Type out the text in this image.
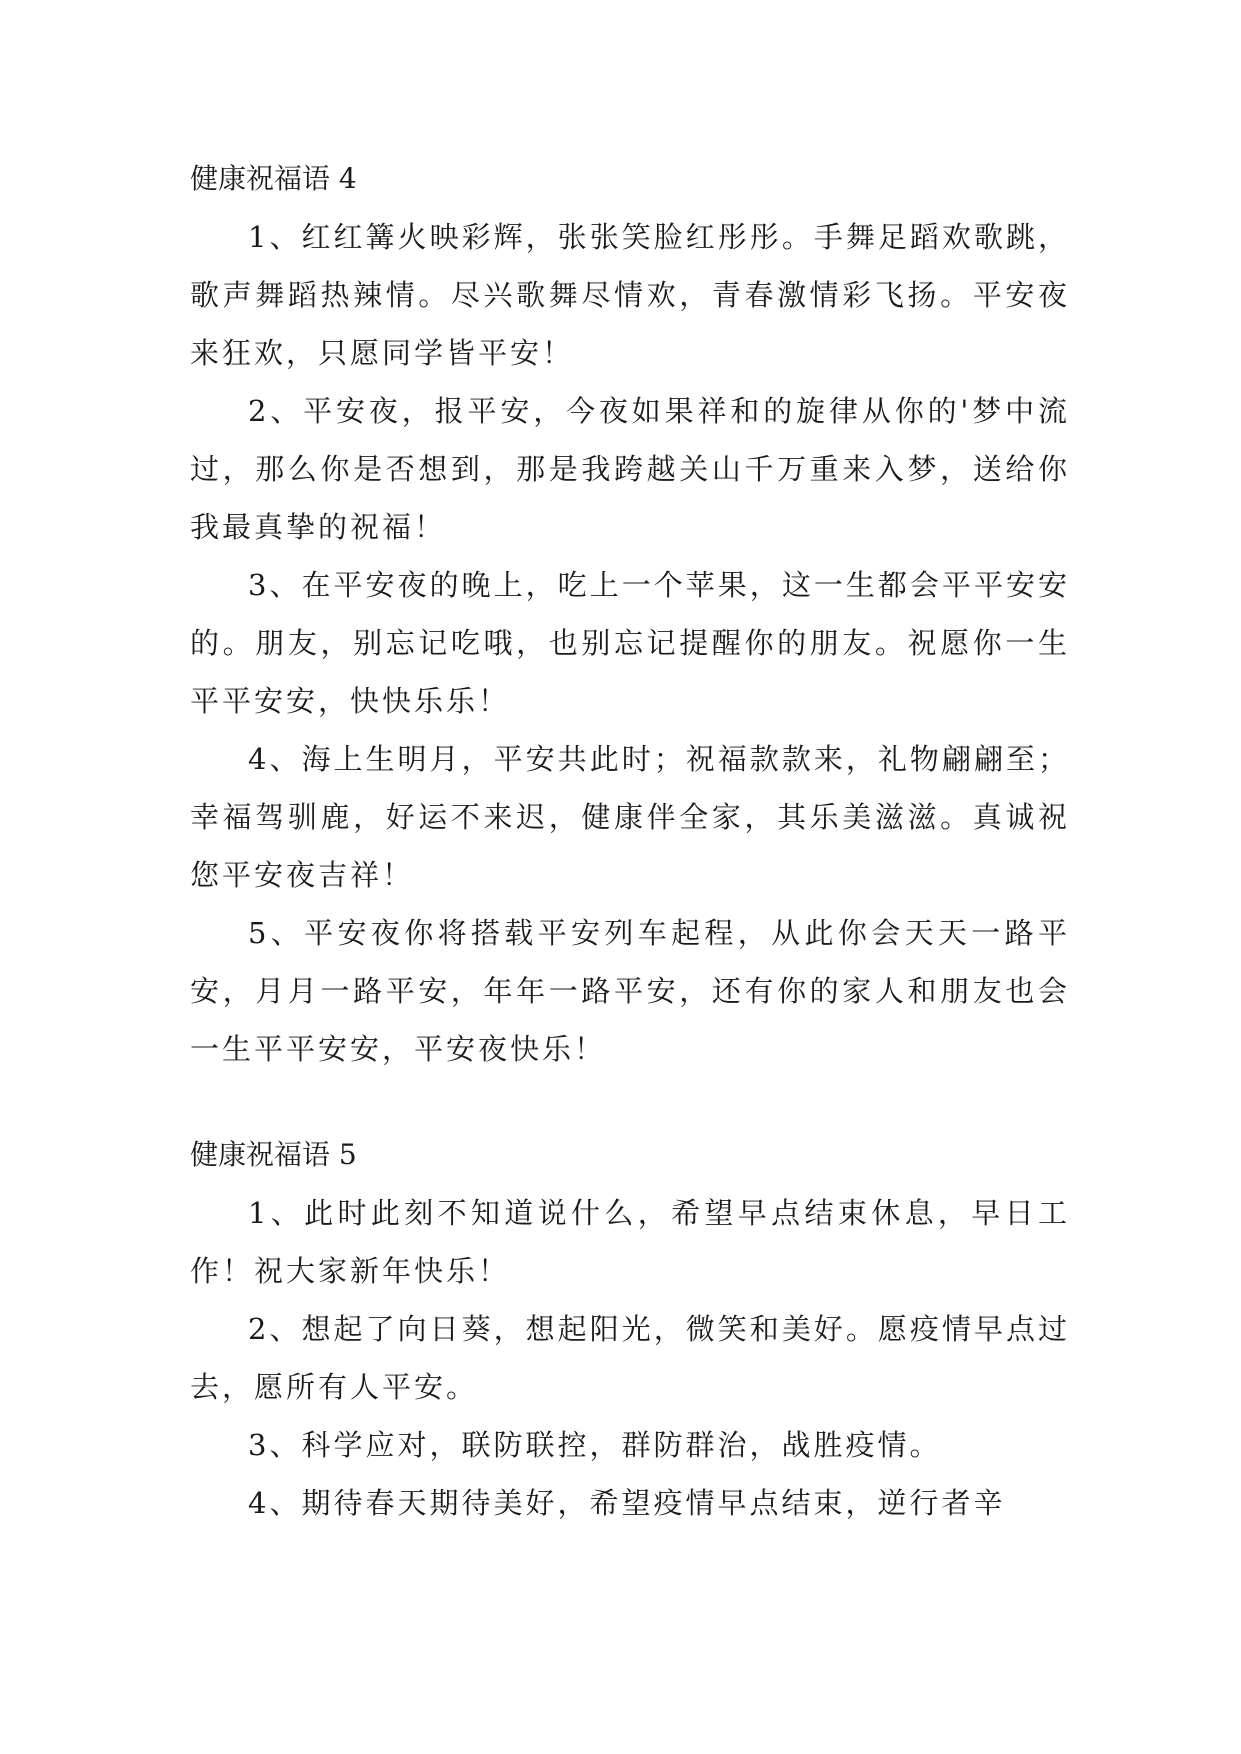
健康祝福语 4

1、红红篝火映彩辉，张张笑脸红彤彤。手舞足蹈欢歌跳，歌声舞蹈热辣情。尽兴歌舞尽情欢，青春激情彩飞扬。平安夜来狂欢，只愿同学皆平安！

2、平安夜，报平安，今夜如果祥和的旋律从你的'梦中流过，那么你是否想到，那是我跨越关山千万重来入梦，送给你我最真挚的祝福！

3、在平安夜的晚上，吃上一个苹果，这一生都会平平安安的。朋友，别忘记吃哦，也别忘记提醒你的朋友。祝愿你一生平平安安，快快乐乐！

4、海上生明月，平安共此时；祝福款款来，礼物翩翩至；幸福驾驯鹿，好运不来迟，健康伴全家，其乐美滋滋。真诚祝您平安夜吉祥！

5、平安夜你将搭载平安列车起程，从此你会天天一路平安，月月一路平安，年年一路平安，还有你的家人和朋友也会一生平平安安，平安夜快乐！

健康祝福语 5

1、此时此刻不知道说什么，希望早点结束休息，早日工作！祝大家新年快乐！

2、想起了向日葵，想起阳光，微笑和美好。愿疫情早点过去，愿所有人平安。

3、科学应对，联防联控，群防群治，战胜疫情。

4、期待春天期待美好，希望疫情早点结束，逆行者辛
